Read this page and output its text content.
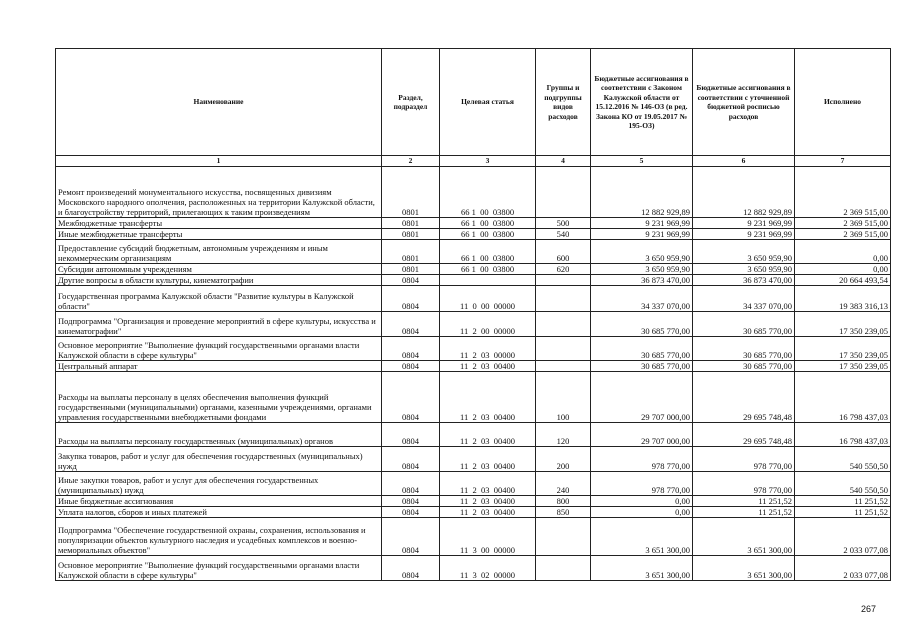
Наименование	Раздел, подраздел	Целевая статья	Группы и подгруппы видов расходов	Бюджетные ассигнования в соответствии с Законом Калужской области от 15.12.2016 № 146-ОЗ (в ред. Закона КО от 19.05.2017 № 195-ОЗ)	Бюджетные ассигнования в соответствии с уточненной бюджетной росписью расходов	Исполнено
1	2	3	4	5	6	7
Ремонт произведений монументального искусства, посвященных дивизиям Московского народного ополчения, расположенных на территории Калужской области, и благоустройству территорий, прилегающих к таким произведениям	0801	66 1  00  03800		12 882 929,89	12 882 929,89	2 369 515,00
Межбюджетные трансферты	0801	66 1  00  03800	500	9 231 969,99	9 231 969,99	2 369 515,00
Иные межбюджетные трансферты	0801	66 1  00  03800	540	9 231 969,99	9 231 969,99	2 369 515,00
Предоставление субсидий бюджетным, автономным учреждениям и иным некоммерческим организациям	0801	66 1  00  03800	600	3 650 959,90	3 650 959,90	0,00
Субсидии автономным учреждениям	0801	66 1  00  03800	620	3 650 959,90	3 650 959,90	0,00
Другие вопросы в области культуры, кинематографии	0804			36 873 470,00	36 873 470,00	20 664 493,54
Государственная программа Калужской области "Развитие культуры в Калужской области"	0804	11  0  00  00000		34 337 070,00	34 337 070,00	19 383 316,13
Подпрограмма "Организация и проведение мероприятий в сфере культуры, искусства и кинематографии"	0804	11  2  00  00000		30 685 770,00	30 685 770,00	17 350 239,05
Основное мероприятие "Выполнение функций государственными органами власти Калужской области в сфере культуры"	0804	11  2  03  00000		30 685 770,00	30 685 770,00	17 350 239,05
Центральный аппарат	0804	11  2  03  00400		30 685 770,00	30 685 770,00	17 350 239,05
Расходы на выплаты персоналу в целях обеспечения выполнения функций государственными (муниципальными) органами, казенными учреждениями, органами управления государственными внебюджетными фондами	0804	11  2  03  00400	100	29 707 000,00	29 695 748,48	16 798 437,03
Расходы на выплаты персоналу государственных (муниципальных) органов	0804	11  2  03  00400	120	29 707 000,00	29 695 748,48	16 798 437,03
Закупка товаров, работ и услуг для обеспечения государственных (муниципальных) нужд	0804	11  2  03  00400	200	978 770,00	978 770,00	540 550,50
Иные закупки товаров, работ и услуг для обеспечения государственных (муниципальных) нужд	0804	11  2  03  00400	240	978 770,00	978 770,00	540 550,50
Иные бюджетные ассигнования	0804	11  2  03  00400	800	0,00	11 251,52	11 251,52
Уплата налогов, сборов и иных платежей	0804	11  2  03  00400	850	0,00	11 251,52	11 251,52
Подпрограмма "Обеспечение государственной охраны, сохранения, использования и популяризации объектов культурного наследия и усадебных комплексов и военно-мемориальных объектов"	0804	11  3  00  00000		3 651 300,00	3 651 300,00	2 033 077,08
Основное мероприятие "Выполнение функций государственными органами власти Калужской области в сфере культуры"	0804	11  3  02  00000		3 651 300,00	3 651 300,00	2 033 077,08
267
